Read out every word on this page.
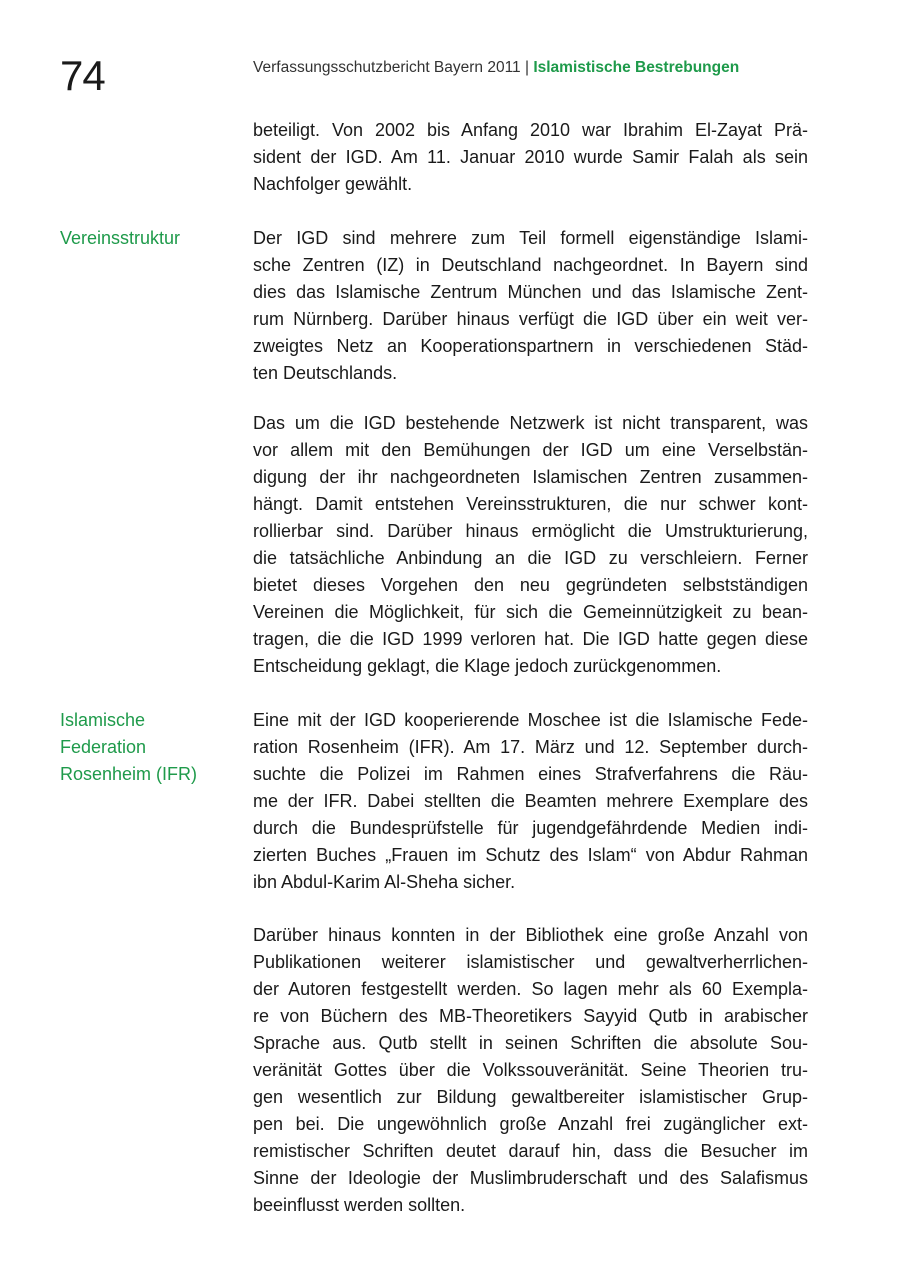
74	Verfassungsschutzbericht Bayern 2011 | Islamistische Bestrebungen
beteiligt. Von 2002 bis Anfang 2010 war Ibrahim El-Zayat Prä-
sident der IGD. Am 11. Januar 2010 wurde Samir Falah als sein
Nachfolger gewählt.
Vereinsstruktur	Der IGD sind mehrere zum Teil formell eigenständige Islami-
sche Zentren (IZ) in Deutschland nachgeordnet. In Bayern sind
dies das Islamische Zentrum München und das Islamische Zent-
rum Nürnberg. Darüber hinaus verfügt die IGD über ein weit ver-
zweigtes Netz an Kooperationspartnern in verschiedenen Städ-
ten Deutschlands.
Das um die IGD bestehende Netzwerk ist nicht transparent, was
vor allem mit den Bemühungen der IGD um eine Verselbstän-
digung der ihr nachgeordneten Islamischen Zentren zusammen-
hängt. Damit entstehen Vereinsstrukturen, die nur schwer kont-
rollierbar sind. Darüber hinaus ermöglicht die Umstrukturierung,
die tatsächliche Anbindung an die IGD zu verschleiern. Ferner
bietet dieses Vorgehen den neu gegründeten selbstständigen
Vereinen die Möglichkeit, für sich die Gemeinnützigkeit zu bean-
tragen, die die IGD 1999 verloren hat. Die IGD hatte gegen diese
Entscheidung geklagt, die Klage jedoch zurückgenommen.
Islamische
Federation
Rosenheim (IFR)
Eine mit der IGD kooperierende Moschee ist die Islamische Fede-
ration Rosenheim (IFR). Am 17. März und 12. September durch-
suchte die Polizei im Rahmen eines Strafverfahrens die Räu-
me der IFR. Dabei stellten die Beamten mehrere Exemplare des
durch die Bundesprüfstelle für jugendgefährdende Medien indi-
zierten Buches „Frauen im Schutz des Islam“ von Abdur Rahman
ibn Abdul-Karim Al-Sheha sicher.
Darüber hinaus konnten in der Bibliothek eine große Anzahl von
Publikationen weiterer islamistischer und gewaltverherrlichen-
der Autoren festgestellt werden. So lagen mehr als 60 Exempla-
re von Büchern des MB-Theoretikers Sayyid Qutb in arabischer
Sprache aus. Qutb stellt in seinen Schriften die absolute Sou-
veränität Gottes über die Volkssouveränität. Seine Theorien tru-
gen wesentlich zur Bildung gewaltbereiter islamistischer Grup-
pen bei. Die ungewöhnlich große Anzahl frei zugänglicher ext-
remistischer Schriften deutet darauf hin, dass die Besucher im
Sinne der Ideologie der Muslimbruderschaft und des Salafismus
beeinflusst werden sollten.
